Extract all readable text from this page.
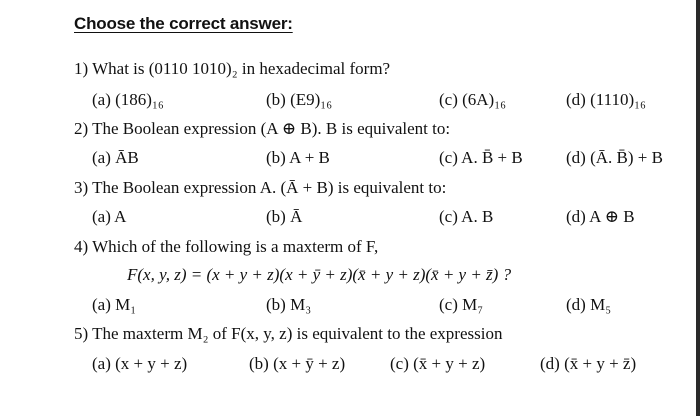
Choose the correct answer:
1) What is (0110 1010)₂ in hexadecimal form?
(a) (186)₁₆	(b) (E9)₁₆	(c) (6A)₁₆	(d) (1110)₁₆
2) The Boolean expression (A ⊕ B). B is equivalent to:
(a) ĀB	(b) A + B	(c) A. B̄ + B	(d) (Ā. B̄) + B
3) The Boolean expression A. (Ā + B) is equivalent to:
(a) A	(b) Ā	(c) A. B	(d) A ⊕ B
4) Which of the following is a maxterm of F,
F(x, y, z) = (x + y + z)(x + ȳ + z)(x̄ + y + z)(x̄ + y + z̄) ?
(a) M₁	(b) M₃	(c) M₇	(d) M₅
5) The maxterm M₂ of F(x, y, z) is equivalent to the expression
(a) (x + y + z)	(b) (x + ȳ + z)	(c) (x̄ + y + z)	(d) (x̄ + y + z̄)
